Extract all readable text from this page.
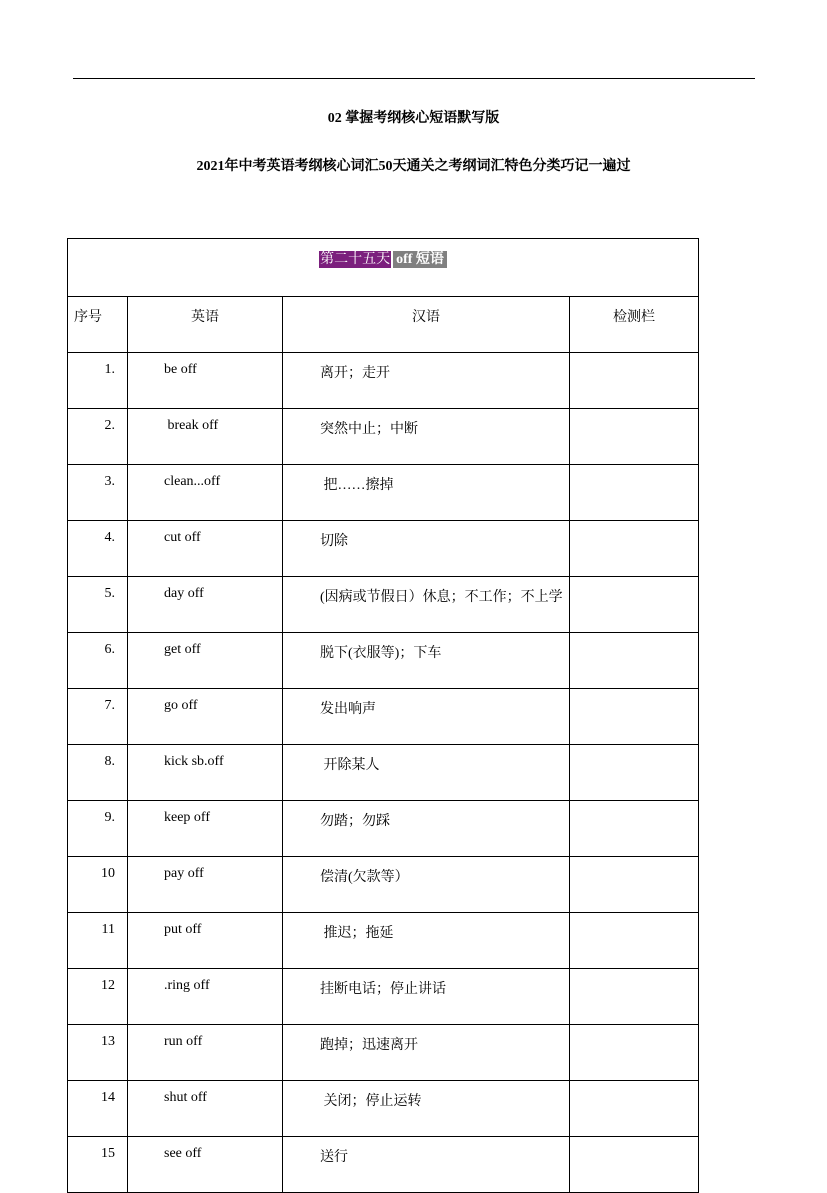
02 掌握考纲核心短语默写版
2021年中考英语考纲核心词汇50天通关之考纲词汇特色分类巧记一遍过
第二十五天 off 短语			
序号	英语	汉语	检测栏
1.	be off	离开；走开	
2.	break off	突然中止；中断	
3.	clean...off	把……擦掉	
4.	cut off	切除	
5.	day off	(因病或节假日）休息；不工作；不上学	
6.	get off	脱下(衣服等)；下车	
7.	go off	发出响声	
8.	kick sb.off	开除某人	
9.	keep off	勿踏；勿踩	
10	pay off	偿清(欠款等）	
11	put off	推迟；拖延	
12	.ring off	挂断电话；停止讲话	
13	run off	跑掉；迅速离开	
14	shut off	关闭；停止运转	
15	see off	送行	
